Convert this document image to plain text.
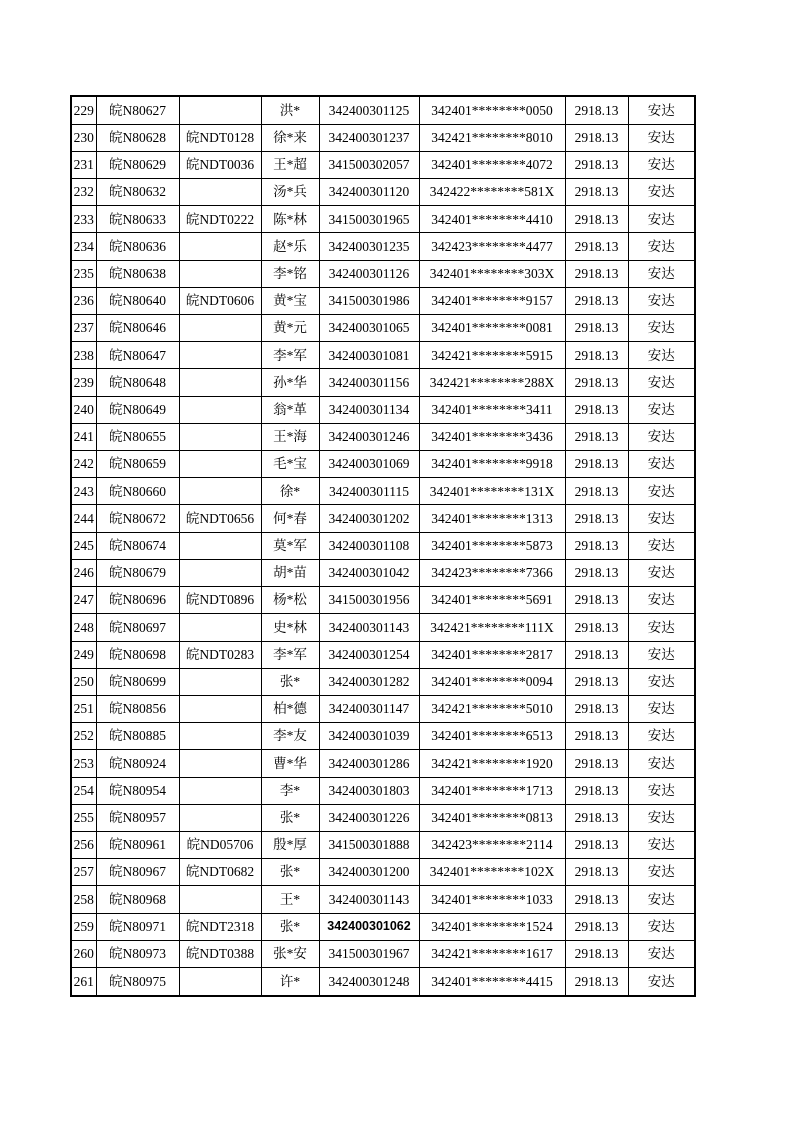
229	皖N80627		洪*	342400301125	342401********0050	2918.13	安达
230	皖N80628	皖NDT0128	徐*来	342400301237	342421********8010	2918.13	安达
231	皖N80629	皖NDT0036	王*超	341500302057	342401********4072	2918.13	安达
232	皖N80632		汤*兵	342400301120	342422********581X	2918.13	安达
233	皖N80633	皖NDT0222	陈*林	341500301965	342401********4410	2918.13	安达
234	皖N80636		赵*乐	342400301235	342423********4477	2918.13	安达
235	皖N80638		李*铭	342400301126	342401********303X	2918.13	安达
236	皖N80640	皖NDT0606	黄*宝	341500301986	342401********9157	2918.13	安达
237	皖N80646		黄*元	342400301065	342401********0081	2918.13	安达
238	皖N80647		李*军	342400301081	342421********5915	2918.13	安达
239	皖N80648		孙*华	342400301156	342421********288X	2918.13	安达
240	皖N80649		翁*革	342400301134	342401********3411	2918.13	安达
241	皖N80655		王*海	342400301246	342401********3436	2918.13	安达
242	皖N80659		毛*宝	342400301069	342401********9918	2918.13	安达
243	皖N80660		徐*	342400301115	342401********131X	2918.13	安达
244	皖N80672	皖NDT0656	何*春	342400301202	342401********1313	2918.13	安达
245	皖N80674		莫*军	342400301108	342401********5873	2918.13	安达
246	皖N80679		胡*苗	342400301042	342423********7366	2918.13	安达
247	皖N80696	皖NDT0896	杨*松	341500301956	342401********5691	2918.13	安达
248	皖N80697		史*林	342400301143	342421********111X	2918.13	安达
249	皖N80698	皖NDT0283	李*军	342400301254	342401********2817	2918.13	安达
250	皖N80699		张*	342400301282	342401********0094	2918.13	安达
251	皖N80856		柏*德	342400301147	342421********5010	2918.13	安达
252	皖N80885		李*友	342400301039	342401********6513	2918.13	安达
253	皖N80924		曹*华	342400301286	342421********1920	2918.13	安达
254	皖N80954		李*	342400301803	342401********1713	2918.13	安达
255	皖N80957		张*	342400301226	342401********0813	2918.13	安达
256	皖N80961	皖ND05706	殷*厚	341500301888	342423********2114	2918.13	安达
257	皖N80967	皖NDT0682	张*	342400301200	342401********102X	2918.13	安达
258	皖N80968		王*	342400301143	342401********1033	2918.13	安达
259	皖N80971	皖NDT2318	张*	342400301062	342401********1524	2918.13	安达
260	皖N80973	皖NDT0388	张*安	341500301967	342421********1617	2918.13	安达
261	皖N80975		许*	342400301248	342401********4415	2918.13	安达
